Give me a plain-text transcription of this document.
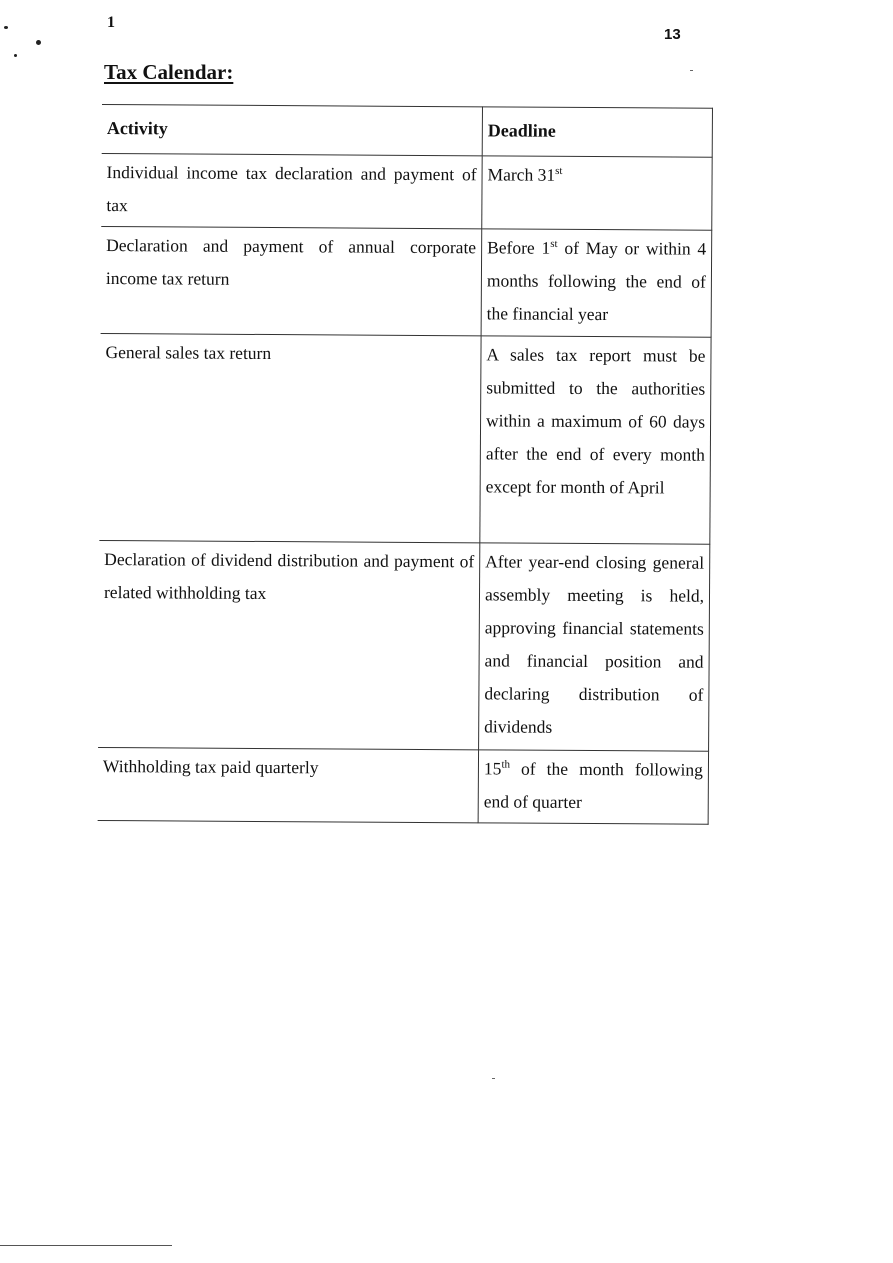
1
13
Tax Calendar:
Activity	Deadline
Individual income tax declaration and payment of tax	March 31st
Declaration and payment of annual corporate income tax return	Before 1st of May or within 4 months following the end of the financial year
General sales tax return	A sales tax report must be submitted to the authorities within a maximum of 60 days after the end of every month except for month of April
Declaration of dividend distribution and payment of related withholding tax	After year-end closing general assembly meeting is held, approving financial statements and financial position and declaring distribution of dividends
Withholding tax paid quarterly	15th of the month following end of quarter
